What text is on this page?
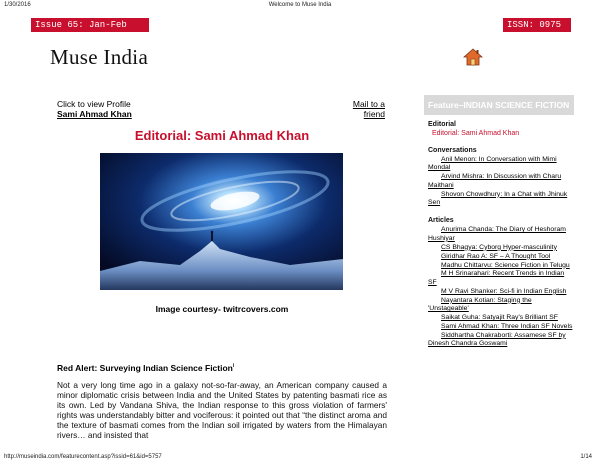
1/30/2016	Welcome to Muse India
Issue 65: Jan-Feb 2016
ISSN: 0975 1815
Muse India
Click to view Profile
Sami Ahmad Khan
Mail to a
friend
Editorial: Sami Ahmad Khan
Image courtesy- twitrcovers.com
Red Alert: Surveying Indian Science Fiction$^i$
Not a very long time ago in a galaxy not-so-far-away, an American company caused a minor diplomatic crisis between India and the United States by patenting basmati rice as its own. Led by Vandana Shiva, the Indian response to this gross violation of farmers' rights was understandably bitter and vociferous: it pointed out that “the distinct aroma and the texture of basmati comes from the Indian soil irrigated by waters from the Himalayan rivers… and insisted that
Feature–INDIAN SCIENCE FICTION
Editorial
Editorial: Sami Ahmad Khan
Conversations
Anil Menon: In Conversation with Mimi Mondal
Arvind Mishra: In Discussion with Charu Maithani
Shovon Chowdhury: In a Chat with Jhinuk Sen
Articles
Anurima Chanda: The Diary of Heshoram Hushiyar
CS Bhagya: Cyborg Hyper-masculinity
Giridhar Rao A: SF – A Thought Tool
Madhu Chittarvu: Science Fiction in Telugu
M H Srinarahari: Recent Trends in Indian SF
M V Ravi Shanker: Sci-fi in Indian English
Nayantara Kotian: Staging the 'Unstageable'
Saikat Guha: Satyajit Ray's Brilliant SF
Sami Ahmad Khan: Three Indian SF Novels
Siddhartha Chakraborti: Assamese SF by Dinesh Chandra Goswami
http://museindia.com/featurecontent.asp?issid=61&id=5757	1/14
